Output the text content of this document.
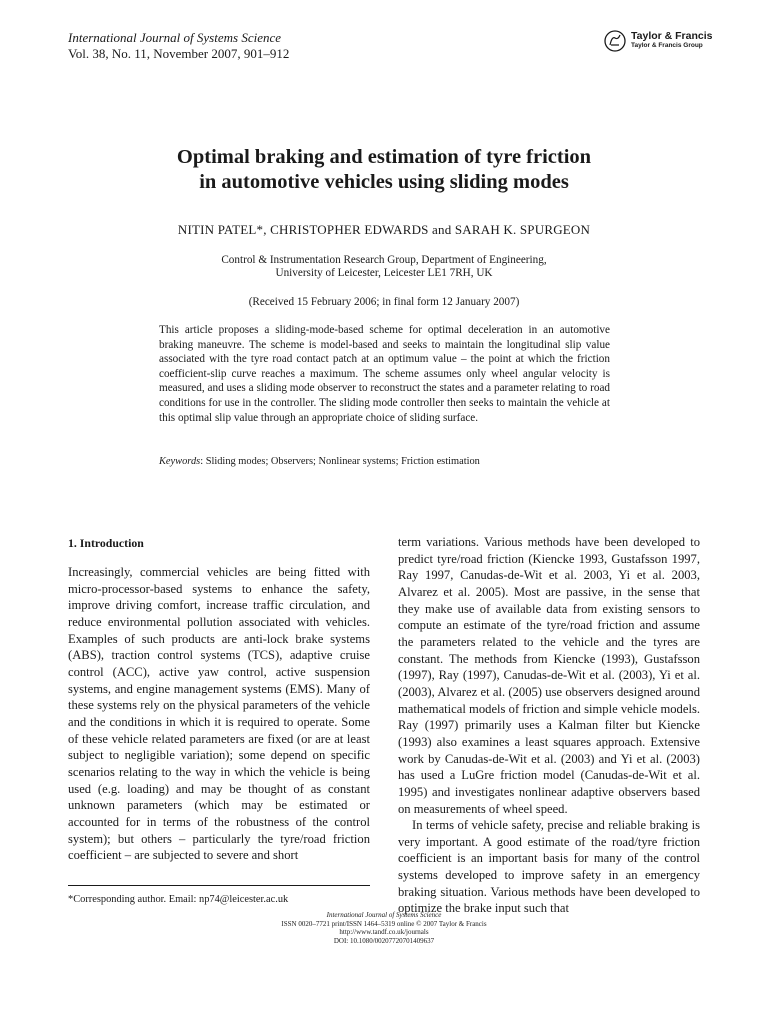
International Journal of Systems Science
Vol. 38, No. 11, November 2007, 901–912
Taylor & Francis
Taylor & Francis Group
Optimal braking and estimation of tyre friction
in automotive vehicles using sliding modes
NITIN PATEL*, CHRISTOPHER EDWARDS and SARAH K. SPURGEON
Control & Instrumentation Research Group, Department of Engineering,
University of Leicester, Leicester LE1 7RH, UK
(Received 15 February 2006; in final form 12 January 2007)
This article proposes a sliding-mode-based scheme for optimal deceleration in an automotive braking maneuvre. The scheme is model-based and seeks to maintain the longitudinal slip value associated with the tyre road contact patch at an optimum value – the point at which the friction coefficient-slip curve reaches a maximum. The scheme assumes only wheel angular velocity is measured, and uses a sliding mode observer to reconstruct the states and a parameter relating to road conditions for use in the controller. The sliding mode controller then seeks to maintain the vehicle at this optimal slip value through an appropriate choice of sliding surface.
Keywords: Sliding modes; Observers; Nonlinear systems; Friction estimation
1. Introduction

Increasingly, commercial vehicles are being fitted with micro-processor-based systems to enhance the safety, improve driving comfort, increase traffic circulation, and reduce environmental pollution associated with vehicles. Examples of such products are anti-lock brake systems (ABS), traction control systems (TCS), adaptive cruise control (ACC), active yaw control, active suspension systems, and engine management systems (EMS). Many of these systems rely on the physical parameters of the vehicle and the conditions in which it is required to operate. Some of these vehicle related parameters are fixed (or are at least subject to negligible variation); some depend on specific scenarios relating to the way in which the vehicle is being used (e.g. loading) and may be thought of as constant unknown parameters (which may be estimated or accounted for in terms of the robustness of the control system); but others – particularly the tyre/road friction coefficient – are subjected to severe and short

term variations. Various methods have been developed to predict tyre/road friction (Kiencke 1993, Gustafsson 1997, Ray 1997, Canudas-de-Wit et al. 2003, Yi et al. 2003, Alvarez et al. 2005). Most are passive, in the sense that they make use of available data from existing sensors to compute an estimate of the tyre/road friction and assume the parameters related to the vehicle and the tyres are constant. The methods from Kiencke (1993), Gustafsson (1997), Ray (1997), Canudas-de-Wit et al. (2003), Yi et al. (2003), Alvarez et al. (2005) use observers designed around mathematical models of friction and simple vehicle models. Ray (1997) primarily uses a Kalman filter but Kiencke (1993) also examines a least squares approach. Extensive work by Canudas-de-Wit et al. (2003) and Yi et al. (2003) has used a LuGre friction model (Canudas-de-Wit et al. 1995) and investigates nonlinear adaptive observers based on measurements of wheel speed.

In terms of vehicle safety, precise and reliable braking is very important. A good estimate of the road/tyre friction coefficient is an important basis for many of the control systems developed to improve safety in an emergency braking situation. Various methods have been developed to optimize the brake input such that

*Corresponding author. Email: np74@leicester.ac.uk
International Journal of Systems Science
ISSN 0020–7721 print/ISSN 1464–5319 online © 2007 Taylor & Francis
http://www.tandf.co.uk/journals
DOI: 10.1080/00207720701409637
